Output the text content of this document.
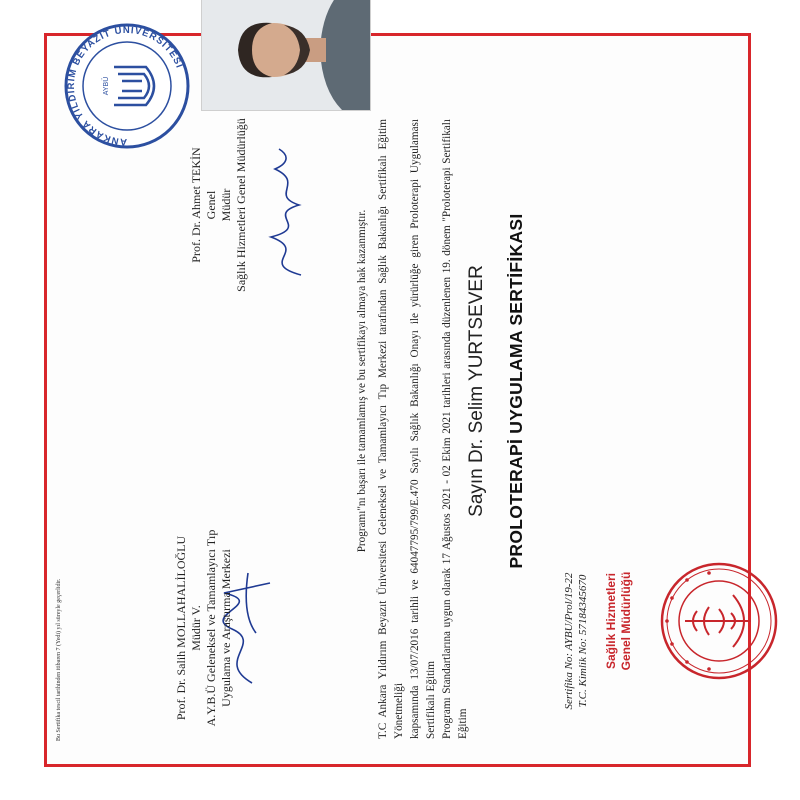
Sağlık Hizmetleri Genel Müdürlüğü
Sertifika No: AYBU/Prol/19-22 T.C. Kimlik No: 57184345670
PROLOTERAPİ UYGULAMA SERTİFİKASI
Sayın Dr. Selim YURTSEVER
T.C Ankara Yıldırım Beyazıt Üniversitesi Geleneksel ve Tamamlayıcı Tıp Merkezi tarafından Sağlık Bakanlığı Sertifikalı Eğitim Yönetmeliği kapsamında 13/07/2016 tarihli ve 64047795/799/E.470 Sayılı Sağlık Bakanlığı Onayı ile yürürlüğe giren Proloterapi Uygulaması Sertifikalı Eğitim Programı Standartlarına uygun olarak 17 Ağustos 2021 - 02 Ekim 2021 tarihleri arasında düzenlenen 19. dönem "Proloterapi Sertifikalı Eğitim
Programı"nı başarı ile tamamlamış ve bu sertifikayı almaya hak kazanmıştır.
Prof. Dr. Salih MOLLAHALİLOĞLU Müdür V. A.Y.B.Ü Geleneksel ve Tamamlayıcı Tıp Uygulama ve Araştırma Merkezi
Prof. Dr. Ahmet TEKİN Genel Müdür Sağlık Hizmetleri Genel Müdürlüğü
ANKARA YILDIRIM BEYAZIT ÜNİVERSİTESİ
AYBÜ
Bu Sertifika tescil tarihinden itibaren 7 (Yedi) yıl süreyle geçerlidir.
